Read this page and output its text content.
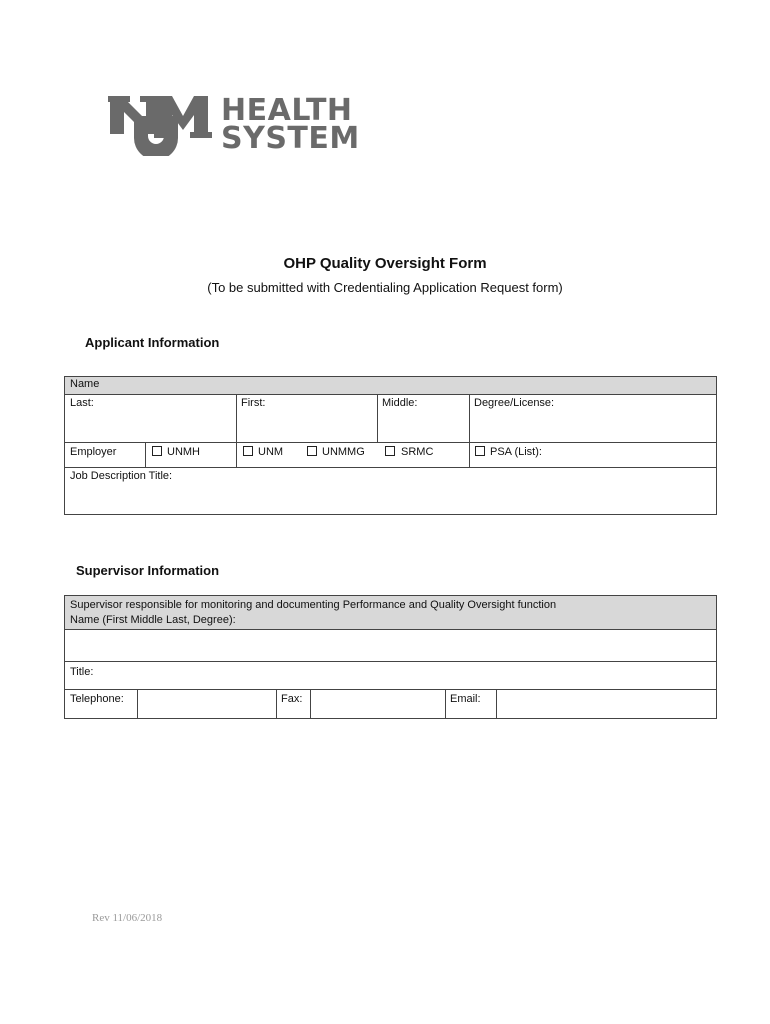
HEALTH
SYSTEM
OHP Quality Oversight Form
(To be submitted with Credentialing Application Request form)
Applicant Information
Name
Last:	First:	Middle:	Degree/License:
Employer	UNMH	UNM	UNMMG	SRMC	PSA (List):
Job Description Title:
Supervisor Information
Supervisor responsible for monitoring and documenting Performance and Quality Oversight function
Name (First Middle Last, Degree):
Title:
Telephone:	Fax:	Email:
Rev 11/06/2018
